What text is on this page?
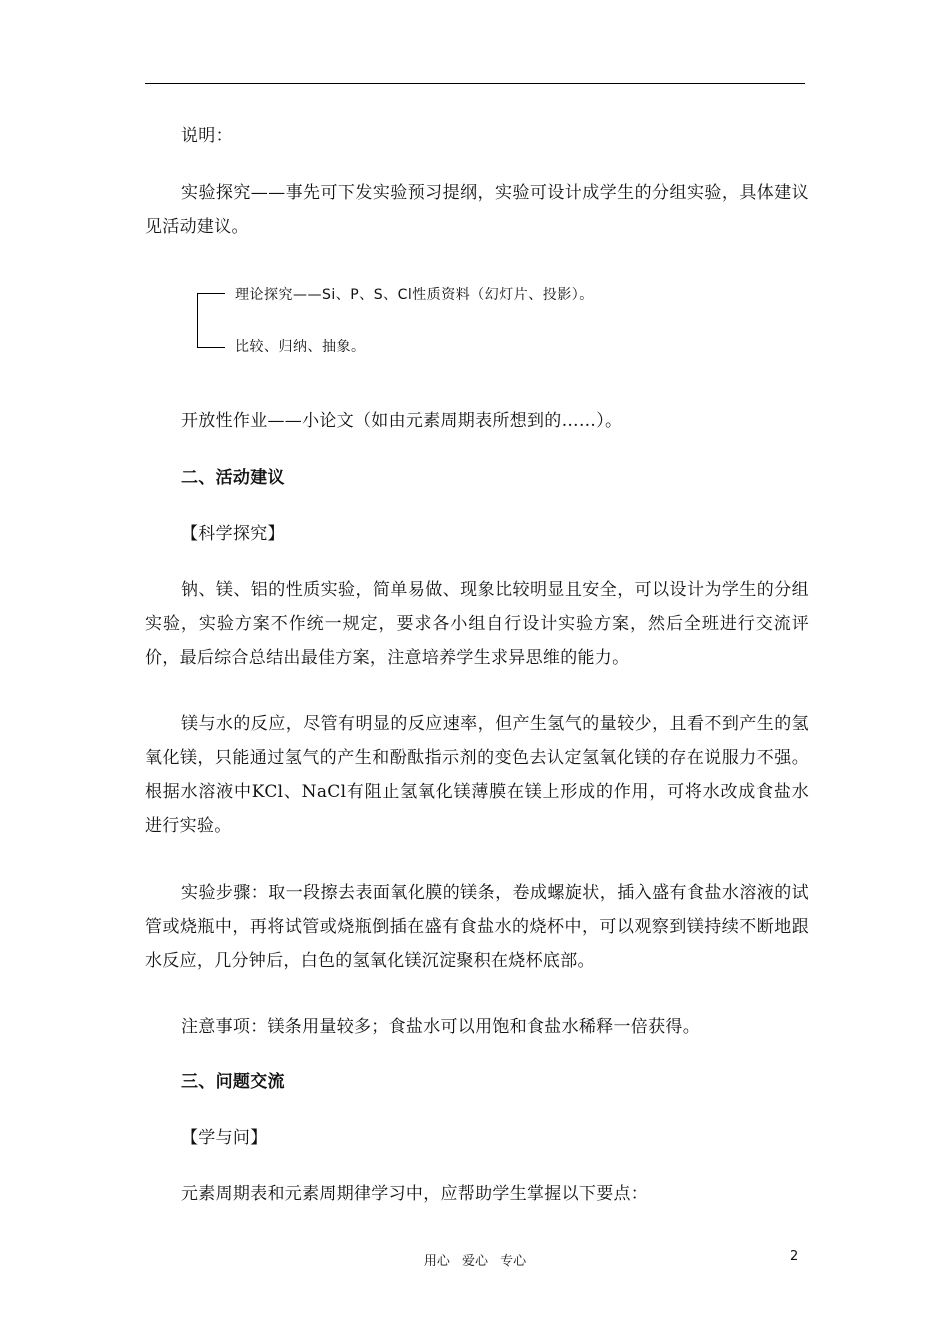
说明：

实验探究——事先可下发实验预习提纲，实验可设计成学生的分组实验，具体建议见活动建议。

理论探究——Si、P、S、Cl性质资料（幻灯片、投影）。
比较、归纳、抽象。

开放性作业——小论文（如由元素周期表所想到的……）。

二、活动建议

【科学探究】

钠、镁、铝的性质实验，简单易做、现象比较明显且安全，可以设计为学生的分组实验，实验方案不作统一规定，要求各小组自行设计实验方案，然后全班进行交流评价，最后综合总结出最佳方案，注意培养学生求异思维的能力。

镁与水的反应，尽管有明显的反应速率，但产生氢气的量较少，且看不到产生的氢氧化镁，只能通过氢气的产生和酚酞指示剂的变色去认定氢氧化镁的存在说服力不强。根据水溶液中KCl、NaCl有阻止氢氧化镁薄膜在镁上形成的作用，可将水改成食盐水进行实验。

实验步骤：取一段擦去表面氧化膜的镁条，卷成螺旋状，插入盛有食盐水溶液的试管或烧瓶中，再将试管或烧瓶倒插在盛有食盐水的烧杯中，可以观察到镁持续不断地跟水反应，几分钟后，白色的氢氧化镁沉淀聚积在烧杯底部。

注意事项：镁条用量较多；食盐水可以用饱和食盐水稀释一倍获得。

三、问题交流

【学与问】

元素周期表和元素周期律学习中，应帮助学生掌握以下要点：

用心 爱心 专心	2
